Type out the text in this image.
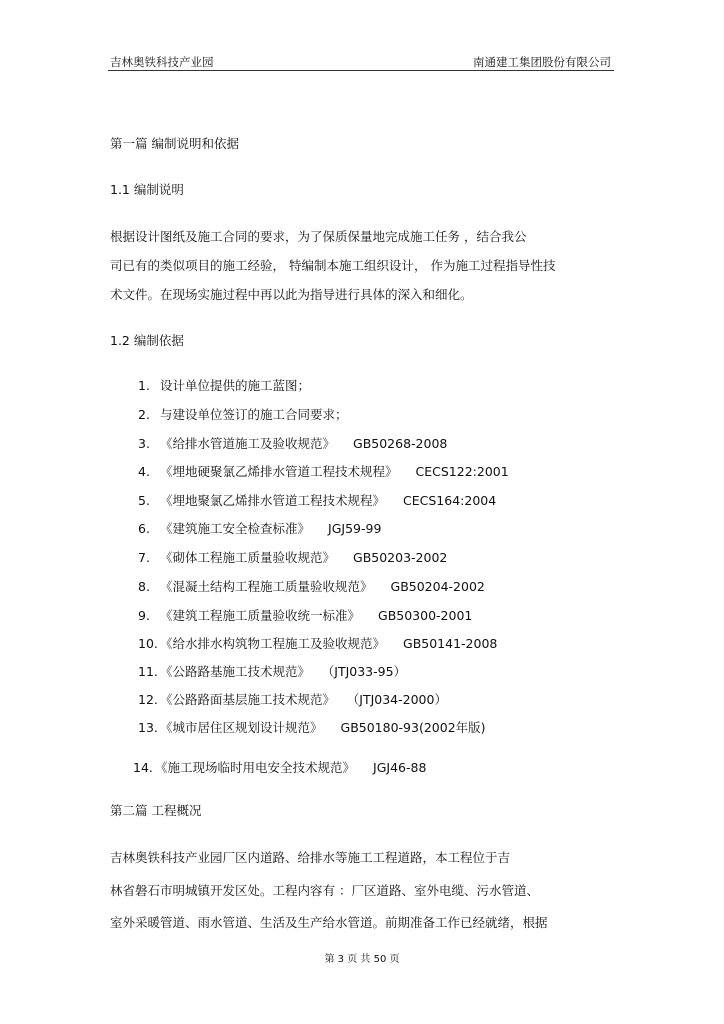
吉林奥铁科技产业园	南通建工集团股份有限公司
第一篇 编制说明和依据
1.1 编制说明
根据设计图纸及施工合同的要求，为了保质保量地完成施工任务 ，结合我公
司已有的类似项目的施工经验， 特编制本施工组织设计， 作为施工过程指导性技
术文件。在现场实施过程中再以此为指导进行具体的深入和细化。
1.2 编制依据
1. 设计单位提供的施工蓝图；
2. 与建设单位签订的施工合同要求；
3. 《给排水管道施工及验收规范》 GB50268-2008
4. 《埋地硬聚氯乙烯排水管道工程技术规程》 CECS122:2001
5. 《埋地聚氯乙烯排水管道工程技术规程》 CECS164:2004
6. 《建筑施工安全检查标准》 JGJ59-99
7. 《砌体工程施工质量验收规范》 GB50203-2002
8. 《混凝土结构工程施工质量验收规范》 GB50204-2002
9. 《建筑工程施工质量验收统一标准》 GB50300-2001
10. 《给水排水构筑物工程施工及验收规范》 GB50141-2008
11. 《公路路基施工技术规范》 （JTJ033-95）
12. 《公路路面基层施工技术规范》 （JTJ034-2000）
13. 《城市居住区规划设计规范》 GB50180-93(2002年版)
14. 《施工现场临时用电安全技术规范》 JGJ46-88
第二篇 工程概况
吉林奥铁科技产业园厂区内道路、给排水等施工工程道路，本工程位于吉
林省磐石市明城镇开发区处。工程内容有 ：厂区道路、室外电缆、污水管道、
室外采暖管道、雨水管道、生活及生产给水管道。前期准备工作已经就绪，根据
第 3 页 共 50 页
